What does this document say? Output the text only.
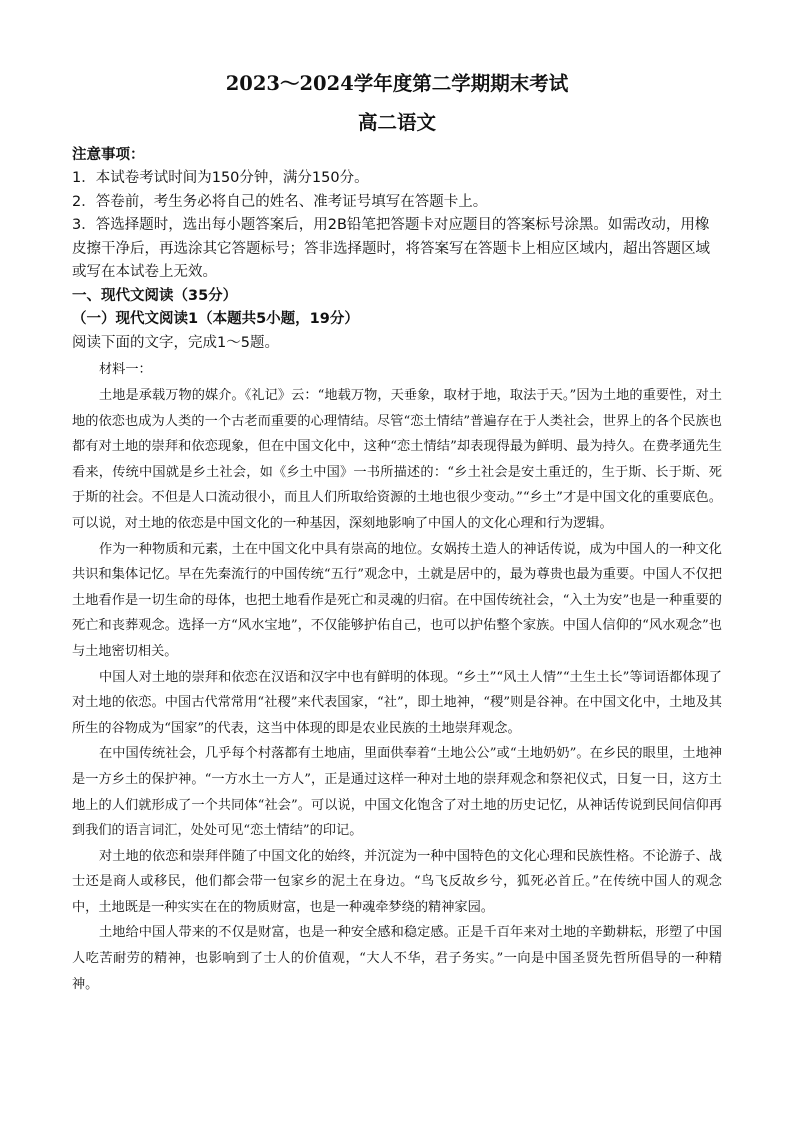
2023～2024学年度第二学期期末考试
高二语文
注意事项：

1．本试卷考试时间为150分钟，满分150分。

2．答卷前，考生务必将自己的姓名、准考证号填写在答题卡上。

3．答选择题时，选出每小题答案后，用2B铅笔把答题卡对应题目的答案标号涂黑。如需改动，用橡皮擦干净后，再选涂其它答题标号；答非选择题时，将答案写在答题卡上相应区域内，超出答题区域或写在本试卷上无效。

一、现代文阅读（35分）

（一）现代文阅读1（本题共5小题，19分）

阅读下面的文字，完成1～5题。

材料一：

土地是承载万物的媒介。《礼记》云：“地载万物，天垂象，取材于地，取法于天。”因为土地的重要性，对土地的依恋也成为人类的一个古老而重要的心理情结。尽管“恋土情结”普遍存在于人类社会，世界上的各个民族也都有对土地的崇拜和依恋现象，但在中国文化中，这种“恋土情结”却表现得最为鲜明、最为持久。在费孝通先生看来，传统中国就是乡土社会，如《乡土中国》一书所描述的：“乡土社会是安土重迁的，生于斯、长于斯、死于斯的社会。不但是人口流动很小，而且人们所取给资源的土地也很少变动。”“乡土”才是中国文化的重要底色。可以说，对土地的依恋是中国文化的一种基因，深刻地影响了中国人的文化心理和行为逻辑。

作为一种物质和元素，土在中国文化中具有崇高的地位。女娲抟土造人的神话传说，成为中国人的一种文化共识和集体记忆。早在先秦流行的中国传统“五行”观念中，土就是居中的，最为尊贵也最为重要。中国人不仅把土地看作是一切生命的母体，也把土地看作是死亡和灵魂的归宿。在中国传统社会，“入土为安”也是一种重要的死亡和丧葬观念。选择一方“风水宝地”，不仅能够护佑自己，也可以护佑整个家族。中国人信仰的“风水观念”也与土地密切相关。

中国人对土地的崇拜和依恋在汉语和汉字中也有鲜明的体现。“乡土”“风土人情”“土生土长”等词语都体现了对土地的依恋。中国古代常常用“社稷”来代表国家，“社”，即土地神，“稷”则是谷神。在中国文化中，土地及其所生的谷物成为“国家”的代表，这当中体现的即是农业民族的土地崇拜观念。

在中国传统社会，几乎每个村落都有土地庙，里面供奉着“土地公公”或“土地奶奶”。在乡民的眼里，土地神是一方乡土的保护神。“一方水土一方人”，正是通过这样一种对土地的崇拜观念和祭祀仪式，日复一日，这方土地上的人们就形成了一个共同体“社会”。可以说，中国文化饱含了对土地的历史记忆，从神话传说到民间信仰再到我们的语言词汇，处处可见“恋土情结”的印记。

对土地的依恋和崇拜伴随了中国文化的始终，并沉淀为一种中国特色的文化心理和民族性格。不论游子、战士还是商人或移民，他们都会带一包家乡的泥土在身边。“鸟飞反故乡兮，狐死必首丘。”在传统中国人的观念中，土地既是一种实实在在的物质财富，也是一种魂牵梦绕的精神家园。

土地给中国人带来的不仅是财富，也是一种安全感和稳定感。正是千百年来对土地的辛勤耕耘，形塑了中国人吃苦耐劳的精神，也影响到了士人的价值观，“大人不华，君子务实。”一向是中国圣贤先哲所倡导的一种精神。
